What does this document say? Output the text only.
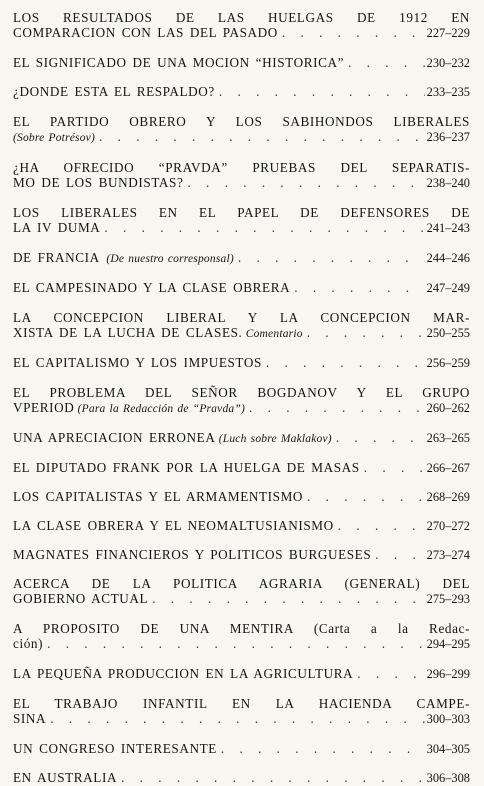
LOS RESULTADOS DE LAS HUELGAS DE 1912 EN
COMPARACION CON LAS DEL PASADO . . .	227–229
EL SIGNIFICADO DE UNA MOCION “HISTORICA” . . .	230–232
¿DONDE ESTA EL RESPALDO? . . .	233–235
EL PARTIDO OBRERO Y LOS SABIHONDOS LIBERALES
(Sobre Potrésov) . . .	236–237
¿HA OFRECIDO “PRAVDA” PRUEBAS DEL SEPARATIS-
MO DE LOS BUNDISTAS? . . .	238–240
LOS LIBERALES EN EL PAPEL DE DEFENSORES DE
LA IV DUMA . . .	241–243
DE FRANCIA
(De nuestro corresponsal) . . .	244–246
EL CAMPESINADO Y LA CLASE OBRERA . . .	247–249
LA CONCEPCION LIBERAL Y LA CONCEPCION MAR-
XISTA DE LA LUCHA DE CLASES.
Comentario . . .	250–255
EL CAPITALISMO Y LOS IMPUESTOS . . .	256–259
EL PROBLEMA DEL SEÑOR BOGDANOV Y EL GRUPO
VPERIOD
(Para la Redacción de “Pravda”) . . .	260–262
UNA APRECIACION ERRONEA
(Luch sobre Maklakov) . . .	263–265
EL DIPUTADO FRANK POR LA HUELGA DE MASAS . . .	266–267
LOS CAPITALISTAS Y EL ARMAMENTISMO . . .	268–269
LA CLASE OBRERA Y EL NEOMALTUSIANISMO . . .	270–272
MAGNATES FINANCIEROS Y POLITICOS BURGUESES . . .	273–274
ACERCA DE LA POLITICA AGRARIA (GENERAL) DEL
GOBIERNO ACTUAL . . .	275–293
A PROPOSITO DE UNA MENTIRA (Carta a la Redac-
ción) . . .	294–295
LA PEQUEÑA PRODUCCION EN LA AGRICULTURA . . .	296–299
EL TRABAJO INFANTIL EN LA HACIENDA CAMPE-
SINA . . .	300–303
UN CONGRESO INTERESANTE . . .	304–305
EN AUSTRALIA . . .	306–308
